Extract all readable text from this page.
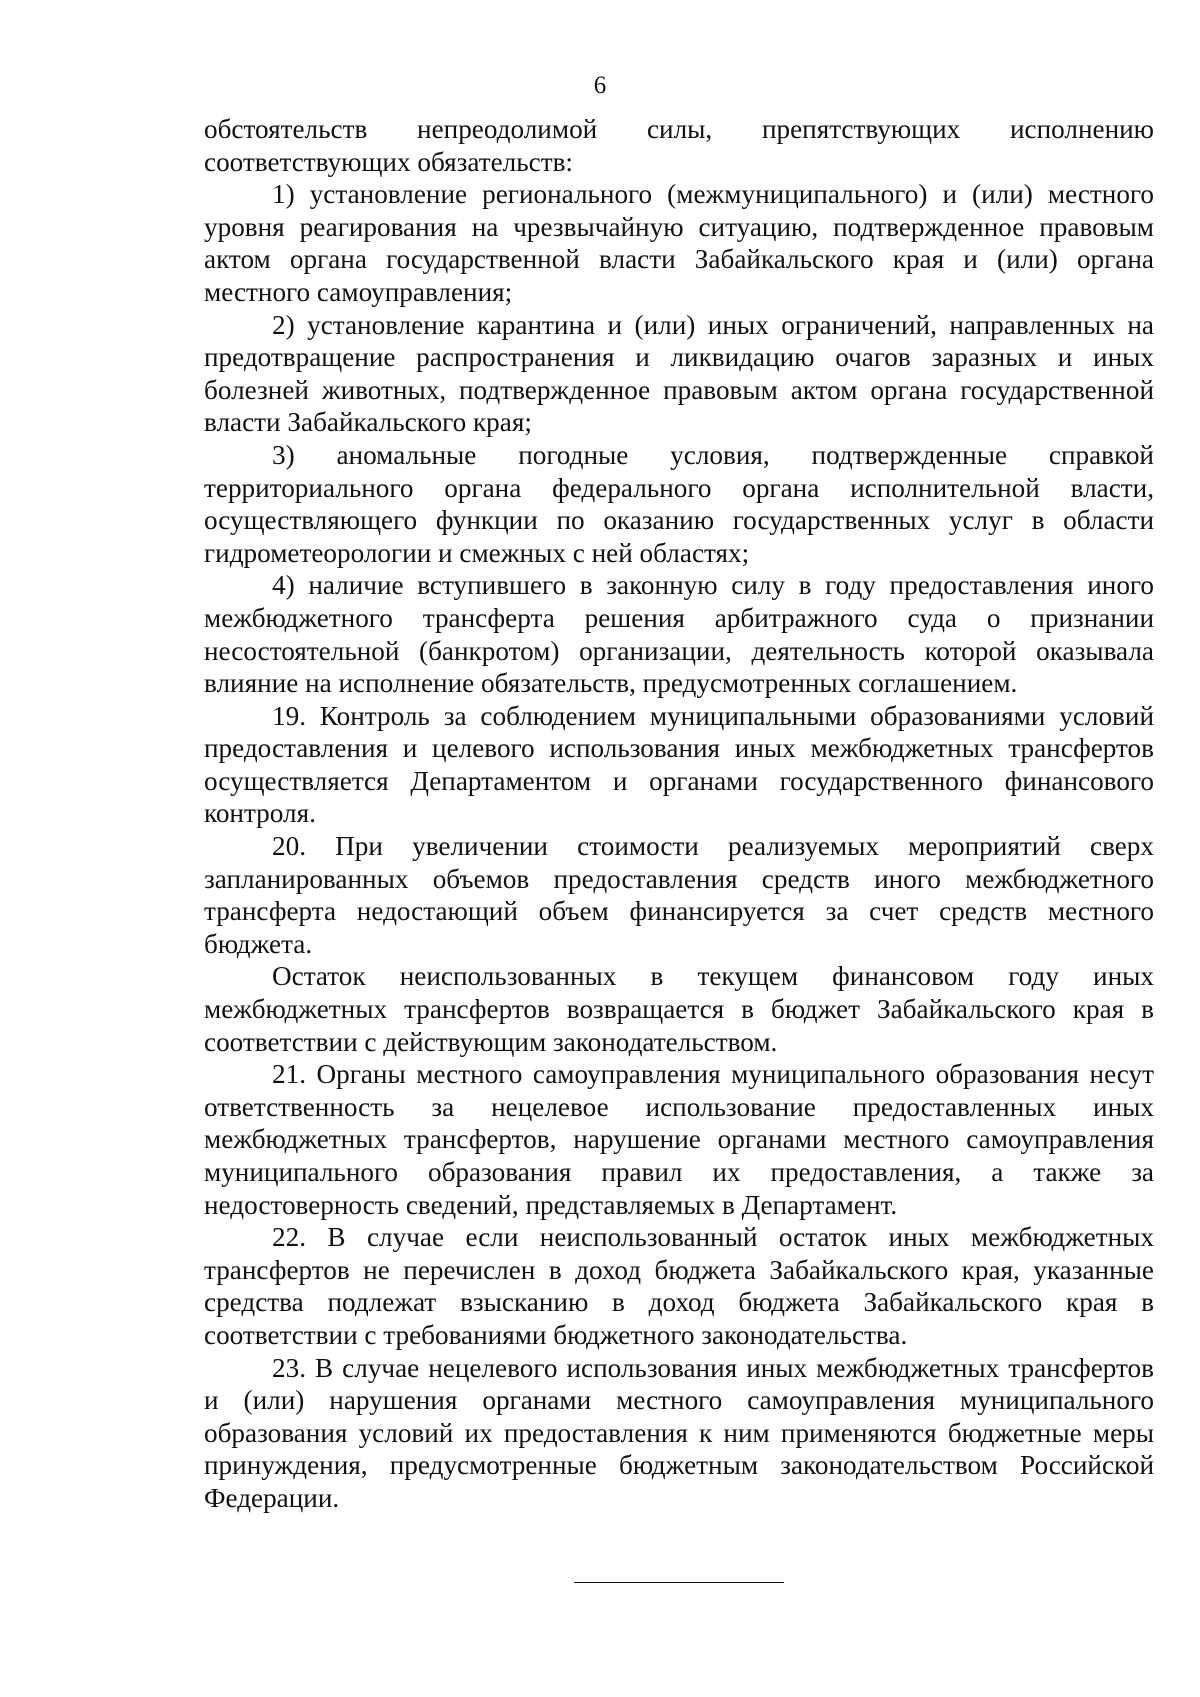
6

обстоятельств непреодолимой силы, препятствующих исполнению соответствующих обязательств:

1) установление регионального (межмуниципального) и (или) местного уровня реагирования на чрезвычайную ситуацию, подтвержденное правовым актом органа государственной власти Забайкальского края и (или) органа местного самоуправления;

2) установление карантина и (или) иных ограничений, направленных на предотвращение распространения и ликвидацию очагов заразных и иных болезней животных, подтвержденное правовым актом органа государственной власти Забайкальского края;

3) аномальные погодные условия, подтвержденные справкой территориального органа федерального органа исполнительной власти, осуществляющего функции по оказанию государственных услуг в области гидрометеорологии и смежных с ней областях;

4) наличие вступившего в законную силу в году предоставления иного межбюджетного трансферта решения арбитражного суда о признании несостоятельной (банкротом) организации, деятельность которой оказывала влияние на исполнение обязательств, предусмотренных соглашением.

19. Контроль за соблюдением муниципальными образованиями условий предоставления и целевого использования иных межбюджетных трансфертов осуществляется Департаментом и органами государственного финансового контроля.

20. При увеличении стоимости реализуемых мероприятий сверх запланированных объемов предоставления средств иного межбюджетного трансферта недостающий объем финансируется за счет средств местного бюджета.

Остаток неиспользованных в текущем финансовом году иных межбюджетных трансфертов возвращается в бюджет Забайкальского края в соответствии с действующим законодательством.

21. Органы местного самоуправления муниципального образования несут ответственность за нецелевое использование предоставленных иных межбюджетных трансфертов, нарушение органами местного самоуправления муниципального образования правил их предоставления, а также за недостоверность сведений, представляемых в Департамент.

22. В случае если неиспользованный остаток иных межбюджетных трансфертов не перечислен в доход бюджета Забайкальского края, указанные средства подлежат взысканию в доход бюджета Забайкальского края в соответствии с требованиями бюджетного законодательства.

23. В случае нецелевого использования иных межбюджетных трансфертов и (или) нарушения органами местного самоуправления муниципального образования условий их предоставления к ним применяются бюджетные меры принуждения, предусмотренные бюджетным законодательством Российской Федерации.
